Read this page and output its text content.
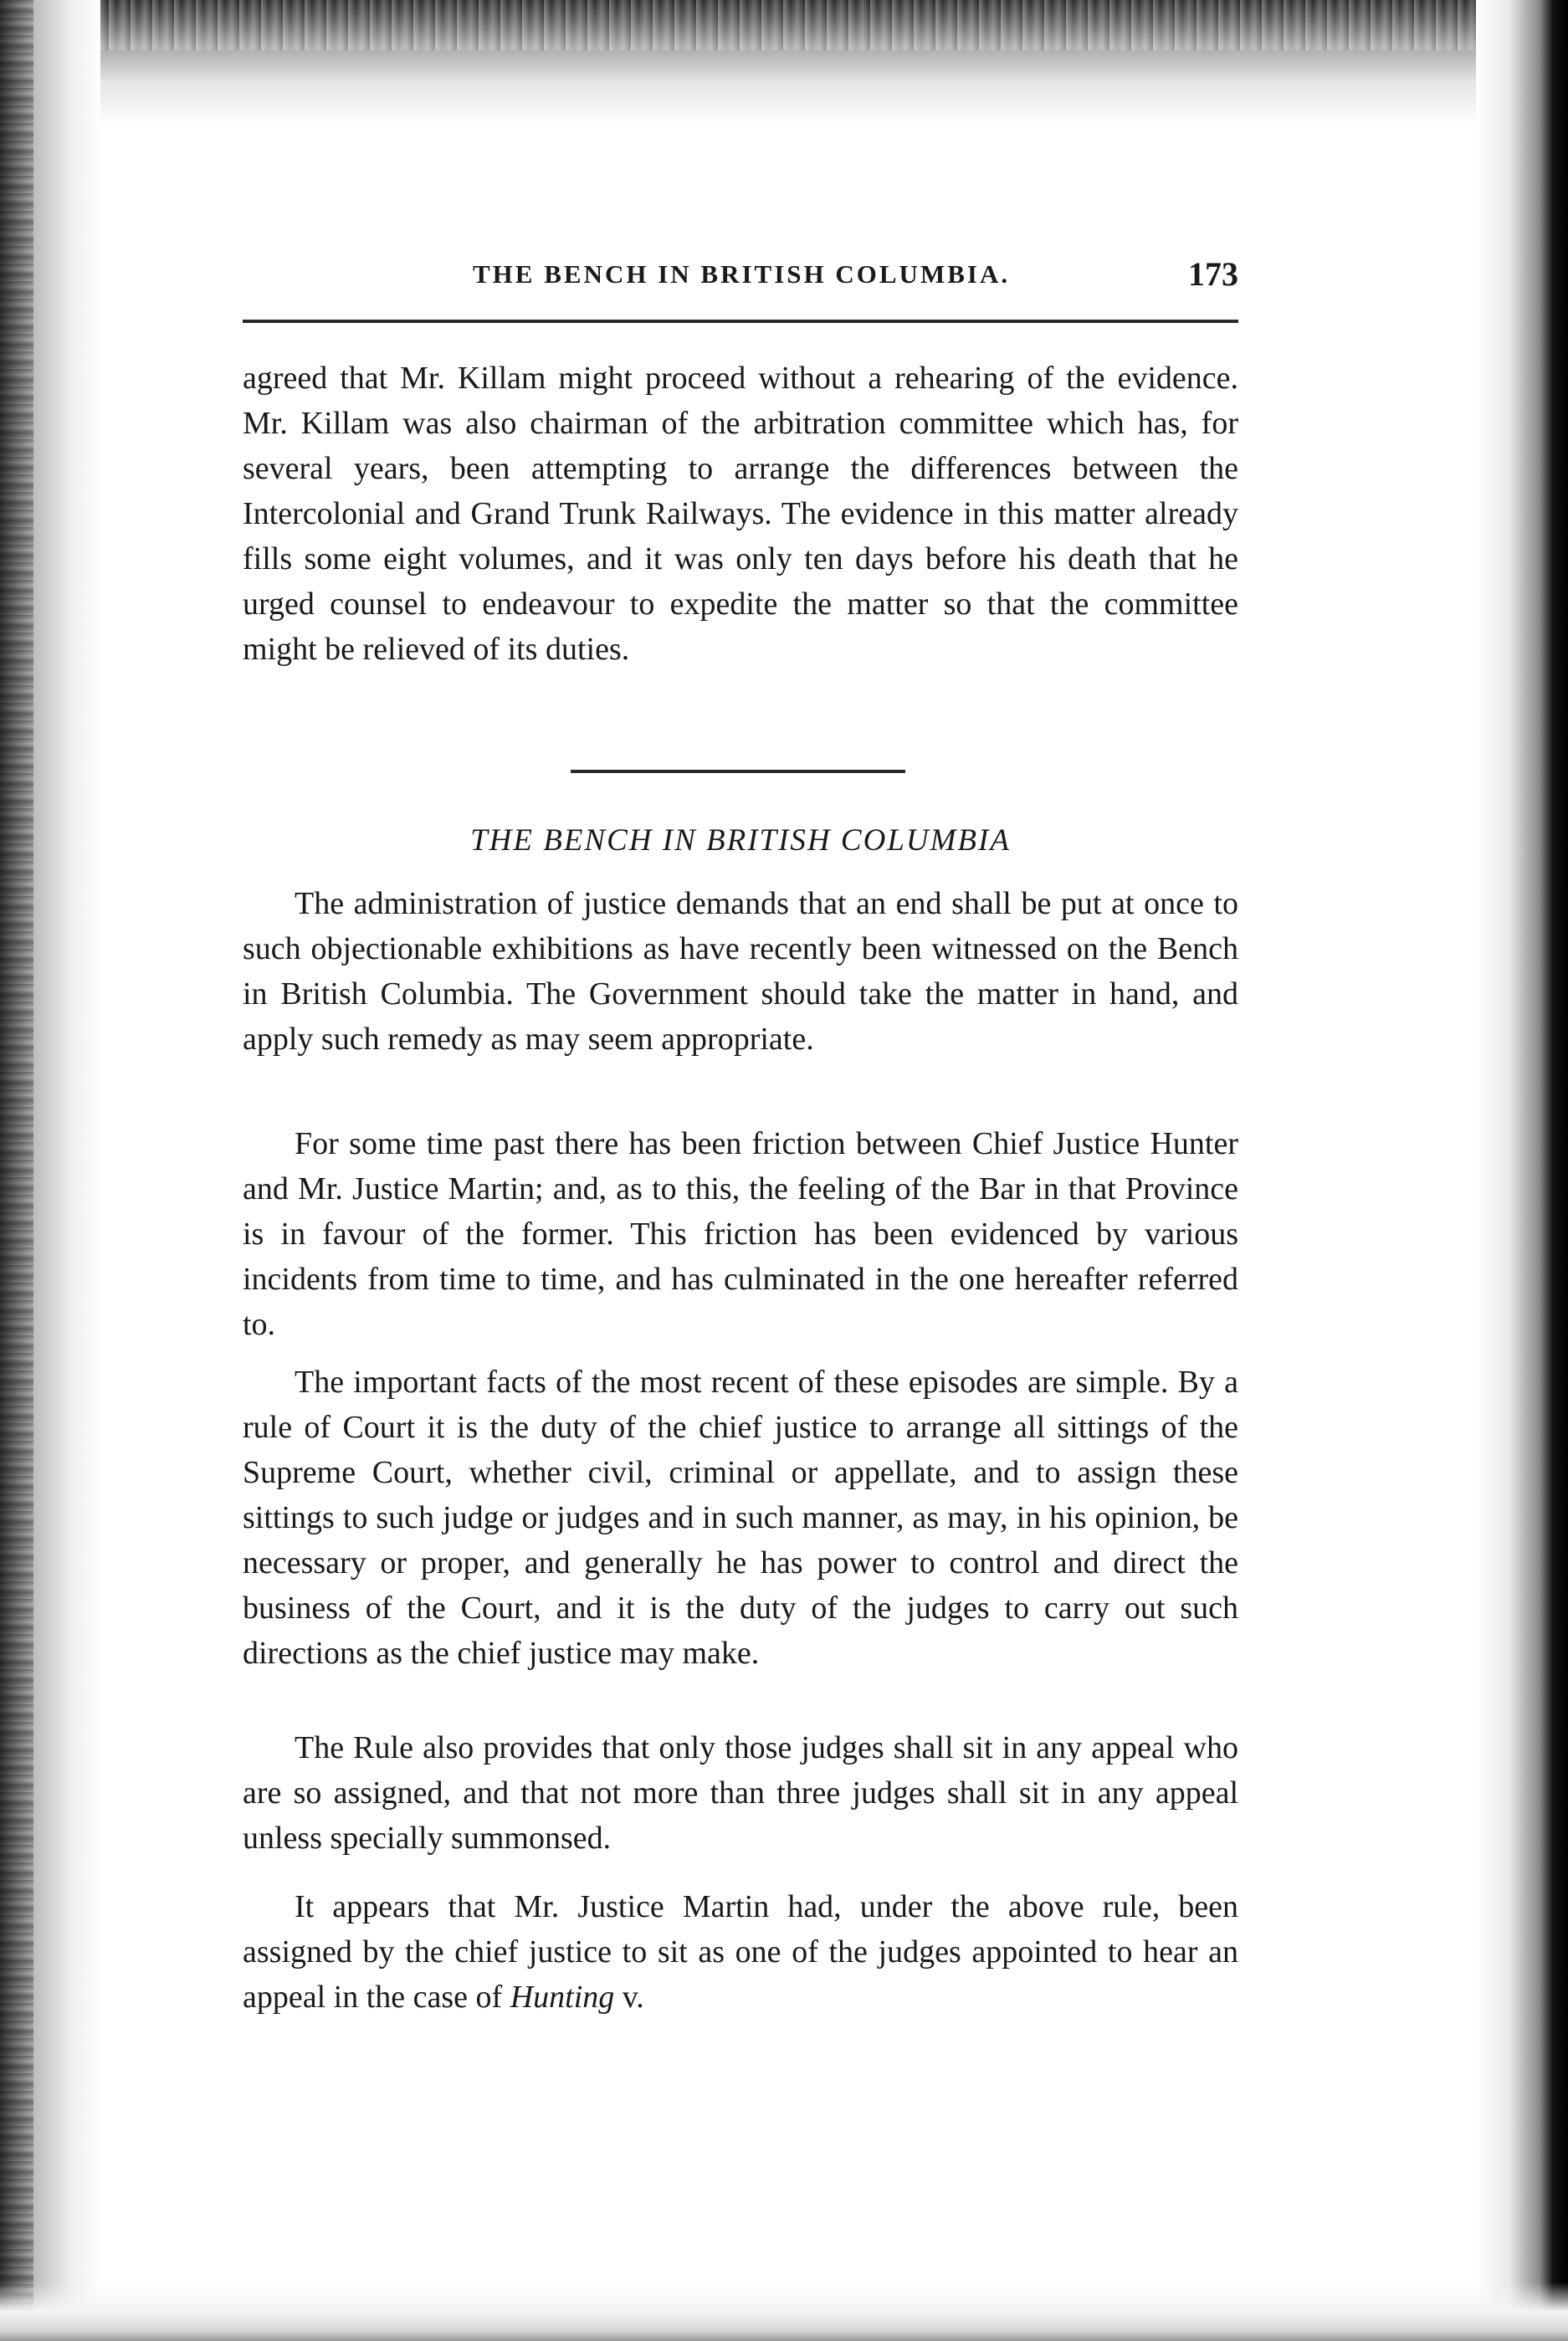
THE BENCH IN BRITISH COLUMBIA.	173

agreed that Mr. Killam might proceed without a rehearing of the evidence. Mr. Killam was also chairman of the arbitration committee which has, for several years, been attempting to arrange the differences between the Intercolonial and Grand Trunk Railways. The evidence in this matter already fills some eight volumes, and it was only ten days before his death that he urged counsel to endeavour to expedite the matter so that the committee might be relieved of its duties.

THE BENCH IN BRITISH COLUMBIA

The administration of justice demands that an end shall be put at once to such objectionable exhibitions as have recently been witnessed on the Bench in British Columbia. The Government should take the matter in hand, and apply such remedy as may seem appropriate.

For some time past there has been friction between Chief Justice Hunter and Mr. Justice Martin; and, as to this, the feeling of the Bar in that Province is in favour of the former. This friction has been evidenced by various incidents from time to time, and has culminated in the one hereafter referred to.

The important facts of the most recent of these episodes are simple. By a rule of Court it is the duty of the chief justice to arrange all sittings of the Supreme Court, whether civil, criminal or appellate, and to assign these sittings to such judge or judges and in such manner, as may, in his opinion, be necessary or proper, and generally he has power to control and direct the business of the Court, and it is the duty of the judges to carry out such directions as the chief justice may make.

The Rule also provides that only those judges shall sit in any appeal who are so assigned, and that not more than three judges shall sit in any appeal unless specially summonsed.

It appears that Mr. Justice Martin had, under the above rule, been assigned by the chief justice to sit as one of the judges appointed to hear an appeal in the case of Hunting v.
